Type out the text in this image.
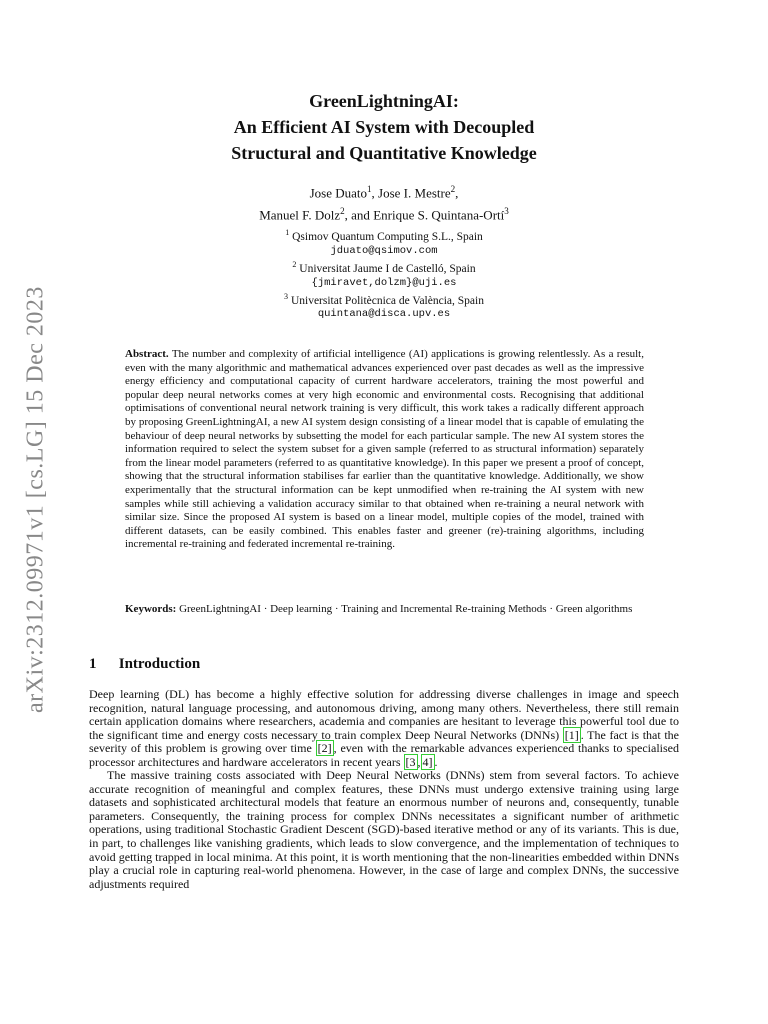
arXiv:2312.09971v1 [cs.LG] 15 Dec 2023
GreenLightningAI:
An Efficient AI System with Decoupled
Structural and Quantitative Knowledge
Jose Duato$^1$, Jose I. Mestre$^2$,
Manuel F. Dolz$^2$, and Enrique S. Quintana-Ortí$^3$
$^1$ Qsimov Quantum Computing S.L., Spain
jduato@qsimov.com
$^2$ Universitat Jaume I de Castelló, Spain
{jmiravet,dolzm}@uji.es
$^3$ Universitat Politècnica de València, Spain
quintana@disca.upv.es
Abstract. The number and complexity of artificial intelligence (AI) applications is growing relentlessly. As a result, even with the many algorithmic and mathematical advances experienced over past decades as well as the impressive energy efficiency and computational capacity of current hardware accelerators, training the most powerful and popular deep neural networks comes at very high economic and environmental costs. Recognising that additional optimisations of conventional neural network training is very difficult, this work takes a radically different approach by proposing GreenLightningAI, a new AI system design consisting of a linear model that is capable of emulating the behaviour of deep neural networks by subsetting the model for each particular sample. The new AI system stores the information required to select the system subset for a given sample (referred to as structural information) separately from the linear model parameters (referred to as quantitative knowledge). In this paper we present a proof of concept, showing that the structural information stabilises far earlier than the quantitative knowledge. Additionally, we show experimentally that the structural information can be kept unmodified when re-training the AI system with new samples while still achieving a validation accuracy similar to that obtained when re-training a neural network with similar size. Since the proposed AI system is based on a linear model, multiple copies of the model, trained with different datasets, can be easily combined. This enables faster and greener (re)-training algorithms, including incremental re-training and federated incremental re-training.
Keywords: GreenLightningAI · Deep learning · Training and Incremental Re-training Methods · Green algorithms
1 Introduction

Deep learning (DL) has become a highly effective solution for addressing diverse challenges in image and speech recognition, natural language processing, and autonomous driving, among many others. Nevertheless, there still remain certain application domains where researchers, academia and companies are hesitant to leverage this powerful tool due to the significant time and energy costs necessary to train complex Deep Neural Networks (DNNs) [1] . The fact is that the severity of this problem is growing over time [2] , even with the remarkable advances experienced thanks to specialised processor architectures and hardware accelerators in recent years [3 , 4] .

The massive training costs associated with Deep Neural Networks (DNNs) stem from several factors. To achieve accurate recognition of meaningful and complex features, these DNNs must undergo extensive training using large datasets and sophisticated architectural models that feature an enormous number of neurons and, consequently, tunable parameters. Consequently, the training process for complex DNNs necessitates a significant number of arithmetic operations, using traditional Stochastic Gradient Descent (SGD)-based iterative method or any of its variants. This is due, in part, to challenges like vanishing gradients, which leads to slow convergence, and the implementation of techniques to avoid getting trapped in local minima. At this point, it is worth mentioning that the non-linearities embedded within DNNs play a crucial role in capturing real-world phenomena. However, in the case of large and complex DNNs, the successive adjustments required
